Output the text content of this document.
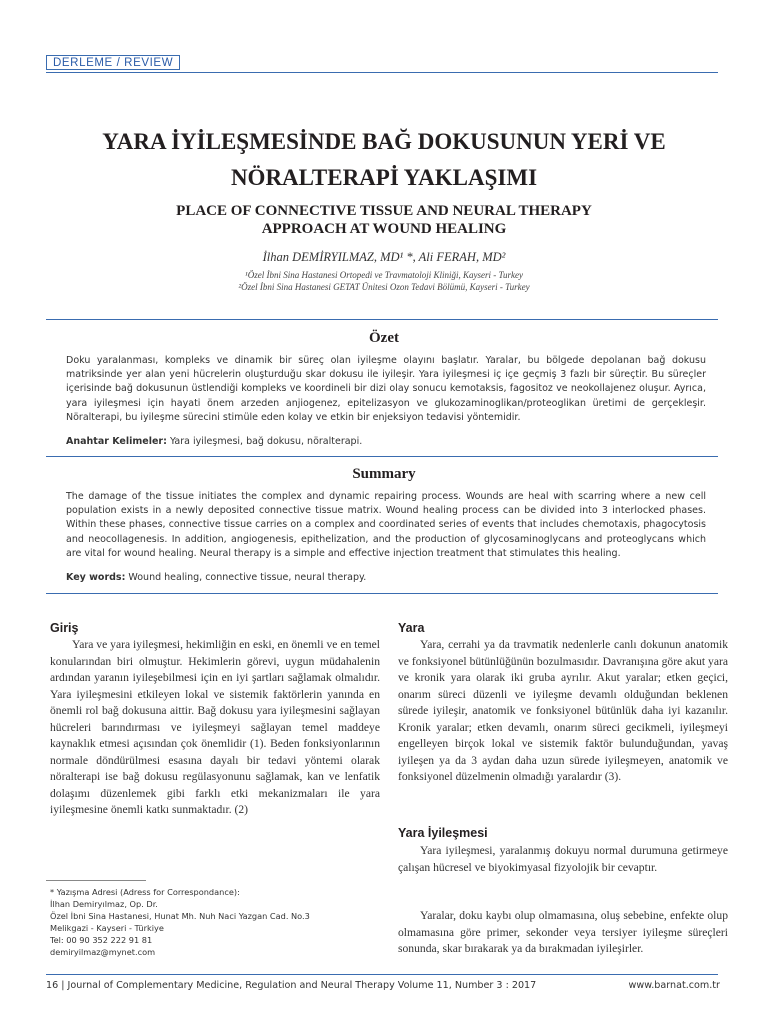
DERLEME / REVIEW
YARA İYİLEŞMESİNDE BAĞ DOKUSUNUN YERİ VE
NÖRALTERAPİ YAKLAŞIMI
PLACE OF CONNECTIVE TISSUE AND NEURAL THERAPY
APPROACH AT WOUND HEALING
İlhan DEMİRYILMAZ, MD¹ *, Ali FERAH, MD²
¹Özel İbni Sina Hastanesi Ortopedi ve Travmatoloji Kliniği, Kayseri - Turkey
²Özel İbni Sina Hastanesi GETAT Ünitesi Ozon Tedavi Bölümü, Kayseri - Turkey
Özet
Doku yaralanması, kompleks ve dinamik bir süreç olan iyileşme olayını başlatır. Yaralar, bu bölgede depolanan bağ dokusu matriksinde yer alan yeni hücrelerin oluşturduğu skar dokusu ile iyileşir. Yara iyileşmesi iç içe geçmiş 3 fazlı bir süreçtir. Bu süreçler içerisinde bağ dokusunun üstlendiği kompleks ve koordineli bir dizi olay sonucu kemotaksis, fagositoz ve neokollajenez oluşur. Ayrıca, yara iyileşmesi için hayati önem arzeden anjiogenez, epitelizasyon ve glukozaminoglikan/proteoglikan üretimi de gerçekleşir. Nöralterapi, bu iyileşme sürecini stimüle eden kolay ve etkin bir enjeksiyon tedavisi yöntemidir.
Anahtar Kelimeler: Yara iyileşmesi, bağ dokusu, nöralterapi.
Summary
The damage of the tissue initiates the complex and dynamic repairing process. Wounds are heal with scarring where a new cell population exists in a newly deposited connective tissue matrix. Wound healing process can be divided into 3 interlocked phases. Within these phases, connective tissue carries on a complex and coordinated series of events that includes chemotaxis, phagocytosis and neocollagenesis. In addition, angiogenesis, epithelization, and the production of glycosaminoglycans and proteoglycans which are vital for wound healing. Neural therapy is a simple and effective injection treatment that stimulates this healing.
Key words: Wound healing, connective tissue, neural therapy.
Giriş
Yara ve yara iyileşmesi, hekimliğin en eski, en önemli ve en temel konularından biri olmuştur. Hekimlerin görevi, uygun müdahalenin ardından yaranın iyileşebilmesi için en iyi şartları sağlamak olmalıdır. Yara iyileşmesini etkileyen lokal ve sistemik faktörlerin yanında en önemli rol bağ dokusuna aittir. Bağ dokusu yara iyileşmesini sağlayan hücreleri barındırması ve iyileşmeyi sağlayan temel maddeye kaynaklık etmesi açısından çok önemlidir (1). Beden fonksiyonlarının normale döndürülmesi esasına dayalı bir tedavi yöntemi olarak nöralterapi ise bağ dokusu regülasyonunu sağlamak, kan ve lenfatik dolaşımı düzenlemek gibi farklı etki mekanizmaları ile yara iyileşmesine önemli katkı sunmaktadır. (2)
Yara
Yara, cerrahi ya da travmatik nedenlerle canlı dokunun anatomik ve fonksiyonel bütünlüğünün bozulmasıdır. Davranışına göre akut yara ve kronik yara olarak iki gruba ayrılır. Akut yaralar; etken geçici, onarım süreci düzenli ve iyileşme devamlı olduğundan beklenen sürede iyileşir, anatomik ve fonksiyonel bütünlük daha iyi kazanılır. Kronik yaralar; etken devamlı, onarım süreci gecikmeli, iyileşmeyi engelleyen birçok lokal ve sistemik faktör bulunduğundan, yavaş iyileşen ya da 3 aydan daha uzun sürede iyileşmeyen, anatomik ve fonksiyonel düzelmenin olmadığı yaralardır (3).
Yara İyileşmesi
Yara iyileşmesi, yaralanmış dokuyu normal durumuna getirmeye çalışan hücresel ve biyokimyasal fizyolojik bir cevaptır.
Yaralar, doku kaybı olup olmamasına, oluş sebebine, enfekte olup olmamasına göre primer, sekonder veya tersiyer iyileşme süreçleri sonunda, skar bırakarak ya da bırakmadan iyileşirler.
* Yazışma Adresi (Adress for Correspondance):
İlhan Demiryılmaz, Op. Dr.
Özel İbni Sina Hastanesi, Hunat Mh. Nuh Naci Yazgan Cad. No.3
Melikgazi - Kayseri - Türkiye
Tel: 00 90 352 222 91 81
demiryilmaz@mynet.com
16 | Journal of Complementary Medicine, Regulation and Neural Therapy Volume 11, Number 3 : 2017	www.barnat.com.tr
